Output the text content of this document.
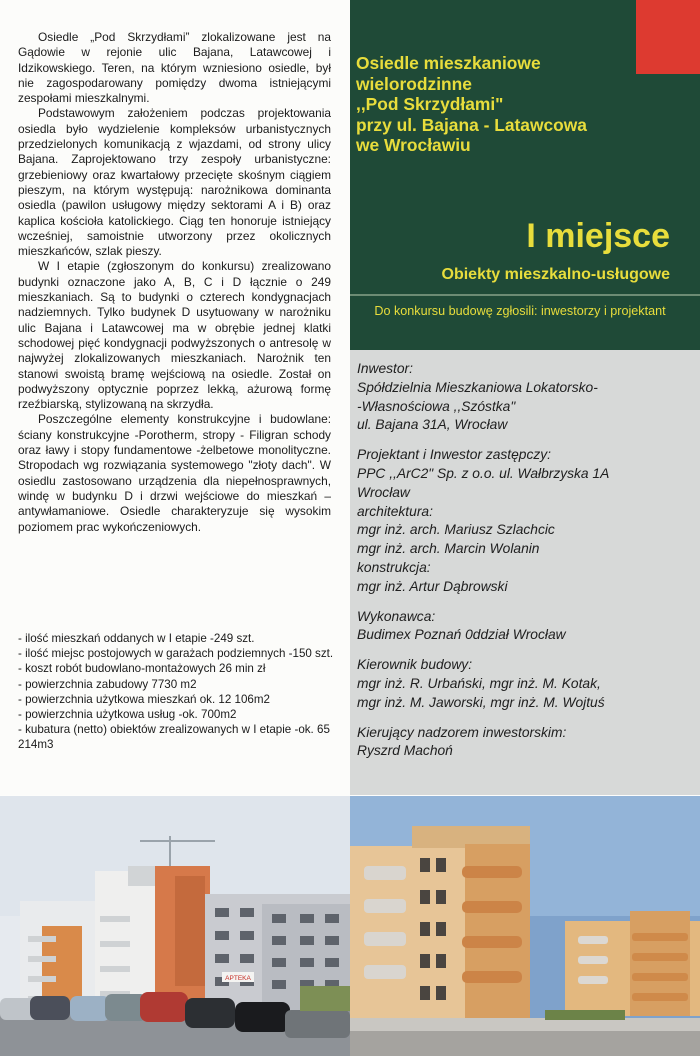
Osiedle „Pod Skrzydłami” zlokalizowane jest na Gądowie w rejonie ulic Bajana, Latawcowej i Idzikowskiego. Teren, na którym wzniesiono osiedle, był nie zagospodarowany pomiędzy dwoma istniejącymi zespołami mieszkalnymi.

Podstawowym założeniem podczas projektowania osiedla było wydzielenie kompleksów urbanistycznych przedzielonych komunikacją z wjazdami, od strony ulicy Bajana. Zaprojektowano trzy zespoły urbanistyczne: grzebieniowy oraz kwartałowy przecięte skośnym ciągiem pieszym, na którym występują: narożnikowa dominanta osiedla (pawilon usługowy między sektorami A i B) oraz kaplica kościoła katolickiego. Ciąg ten honoruje istniejący wcześniej, samoistnie utworzony przez okolicznych mieszkańców, szlak pieszy.

W I etapie (zgłoszonym do konkursu) zrealizowano budynki oznaczone jako A, B, C i D łącznie o 249 mieszkaniach. Są to budynki o czterech kondygnacjach nadziemnych. Tylko budynek D usytuowany w narożniku ulic Bajana i Latawcowej ma w obrębie jednej klatki schodowej pięć kondygnacji podwyższonych o antresolę w najwyżej zlokalizowanych mieszkaniach. Narożnik ten stanowi swoistą bramę wejściową na osiedle. Został on podwyższony optycznie poprzez lekką, ażurową formę rzeźbiarską, stylizowaną na skrzydła.

Poszczególne elementy konstrukcyjne i budowlane: ściany konstrukcyjne -Porotherm, stropy - Filigran schody oraz ławy i stopy fundamentowe -żelbetowe monolityczne. Stropodach wg rozwiązania systemowego "złoty dach". W osiedlu zastosowano urządzenia dla niepełnosprawnych, windę w budynku D i drzwi wejściowe do mieszkań –antywłamaniowe. Osiedle charakteryzuje się wysokim poziomem prac wykończeniowych.

- ilość mieszkań oddanych w I etapie -249 szt.
- ilość miejsc postojowych w garażach podziemnych -150 szt.
- koszt robót budowlano-montażowych 26 min zł
- powierzchnia zabudowy 7730 m2
- powierzchnia użytkowa mieszkań ok. 12 106m2
- powierzchnia użytkowa usług -ok. 700m2
- kubatura (netto) obiektów zrealizowanych w I etapie -ok. 65 214m3
Osiedle mieszkaniowe
wielorodzinne
,,Pod Skrzydłami"
przy ul. Bajana - Latawcowa
we Wrocławiu
I miejsce
Obiekty mieszkalno-usługowe
Do konkursu budowę zgłosili: inwestorzy i projektant
Inwestor:
Spółdzielnia Mieszkaniowa Lokatorsko-
-Własnościowa ,,Szóstka"
ul. Bajana 31A, Wrocław
Projektant i Inwestor zastępczy:
PPC ,,ArC2" Sp. z o.o. ul. Wałbrzyska 1A
Wrocław
architektura:
mgr inż. arch. Mariusz Szlachcic
mgr inż. arch. Marcin Wolanin
konstrukcja:
mgr inż. Artur Dąbrowski
Wykonawca:
Budimex Poznań 0ddział Wrocław
Kierownik budowy:
mgr inż. R. Urbański, mgr inż. M. Kotak,
mgr inż. M. Jaworski, mgr inż. M. Wojtuś
Kierujący nadzorem inwestorskim:
Ryszrd Machoń
APTEKA
